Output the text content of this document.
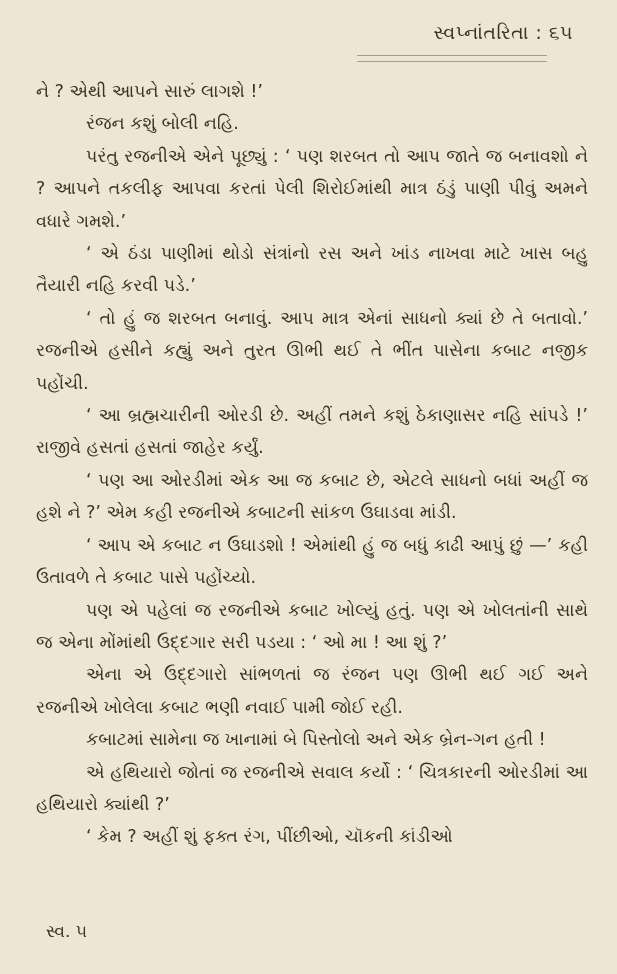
સ્વપ્નાંતરિતા : ૬૫

ને ? એથી આપને સારું લાગશે !’

રંજન કશું બોલી નહિ.

પરંતુ રજનીએ એને પૂછ્યું : ‘ પણ શરબત તો આપ જાતે જ બનાવશો ને ? આપને તકલીફ આપવા કરતાં પેલી શિરોઈમાંથી માત્ર ઠંડું પાણી પીવું અમને વધારે ગમશે.’

‘ એ ઠંડા પાણીમાં થોડો સંત્રાંનો રસ અને ખાંડ નાખવા માટે ખાસ બહુ તૈયારી નહિ કરવી પડે.’

‘ તો હું જ શરબત બનાવું. આપ માત્ર એનાં સાધનો ક્યાં છે તે બતાવો.’ રજનીએ હસીને કહ્યું અને તુરત ઊભી થઈ તે ભીંત પાસેના કબાટ નજીક પહોંચી.

‘ આ બ્રહ્મચારીની ઓરડી છે. અહીં તમને કશું ઠેકાણાસર નહિ સાંપડે !’ રાજીવે હસતાં હસતાં જાહેર કર્યું.

‘ પણ આ ઓરડીમાં એક આ જ કબાટ છે, એટલે સાધનો બધાં અહીં જ હશે ને ?’ એમ કહી રજનીએ કબાટની સાંકળ ઉઘાડવા માંડી.

‘ આપ એ કબાટ ન ઉઘાડશો ! એમાંથી હું જ બધું કાઢી આપું છું —’ કહી ઉતાવળે તે કબાટ પાસે પહોંચ્યો.

પણ એ પહેલાં જ રજનીએ કબાટ ખોલ્યું હતું. પણ એ ખોલતાંની સાથે જ એના મોંમાંથી ઉદ્દગાર સરી પડયા : ‘ ઓ મા ! આ શું ?’

એના એ ઉદ્દગારો સાંભળતાં જ રંજન પણ ઊભી થઈ ગઈ અને રજનીએ ખોલેલા કબાટ ભણી નવાઈ પામી જોઈ રહી.

કબાટમાં સામેના જ ખાનામાં બે પિસ્તોલો અને એક બ્રેન-ગન હતી !

એ હથિયારો જોતાં જ રજનીએ સવાલ કર્યો : ‘ ચિત્રકારની ઓરડીમાં આ હથિયારો ક્યાંથી ?’

‘ કેમ ? અહીં શું ફક્ત રંગ, પીંછીઓ, ચૉકની કાંડીઓ

સ્વ. ૫
